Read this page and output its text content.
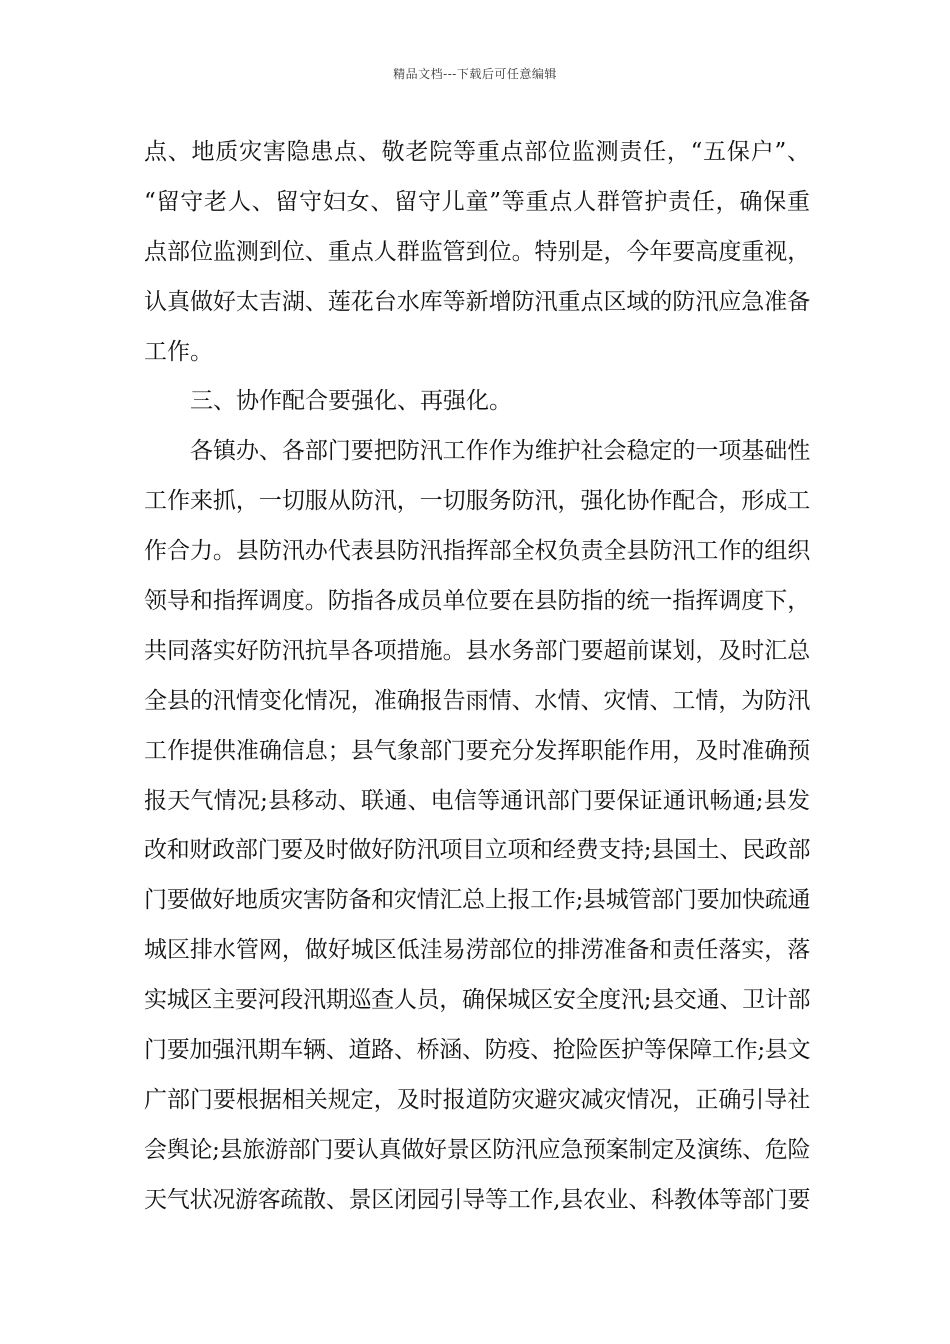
精品文档---下载后可任意编辑
点、地质灾害隐患点、敬老院等重点部位监测责任，“五保户”、
“留守老人、留守妇女、留守儿童”等重点人群管护责任，确保重
点部位监测到位、重点人群监管到位。特别是，今年要高度重视，
认真做好太吉湖、莲花台水库等新增防汛重点区域的防汛应急准备
工作。
三、协作配合要强化、再强化。
各镇办、各部门要把防汛工作作为维护社会稳定的一项基础性
工作来抓，一切服从防汛，一切服务防汛，强化协作配合，形成工
作合力。县防汛办代表县防汛指挥部全权负责全县防汛工作的组织
领导和指挥调度。防指各成员单位要在县防指的统一指挥调度下，
共同落实好防汛抗旱各项措施。县水务部门要超前谋划，及时汇总
全县的汛情变化情况，准确报告雨情、水情、灾情、工情，为防汛
工作提供准确信息；县气象部门要充分发挥职能作用，及时准确预
报天气情况;县移动、联通、电信等通讯部门要保证通讯畅通;县发
改和财政部门要及时做好防汛项目立项和经费支持;县国土、民政部
门要做好地质灾害防备和灾情汇总上报工作;县城管部门要加快疏通
城区排水管网，做好城区低洼易涝部位的排涝准备和责任落实，落
实城区主要河段汛期巡查人员，确保城区安全度汛;县交通、卫计部
门要加强汛期车辆、道路、桥涵、防疫、抢险医护等保障工作;县文
广部门要根据相关规定，及时报道防灾避灾减灾情况，正确引导社
会舆论;县旅游部门要认真做好景区防汛应急预案制定及演练、危险
天气状况游客疏散、景区闭园引导等工作,县农业、科教体等部门要
